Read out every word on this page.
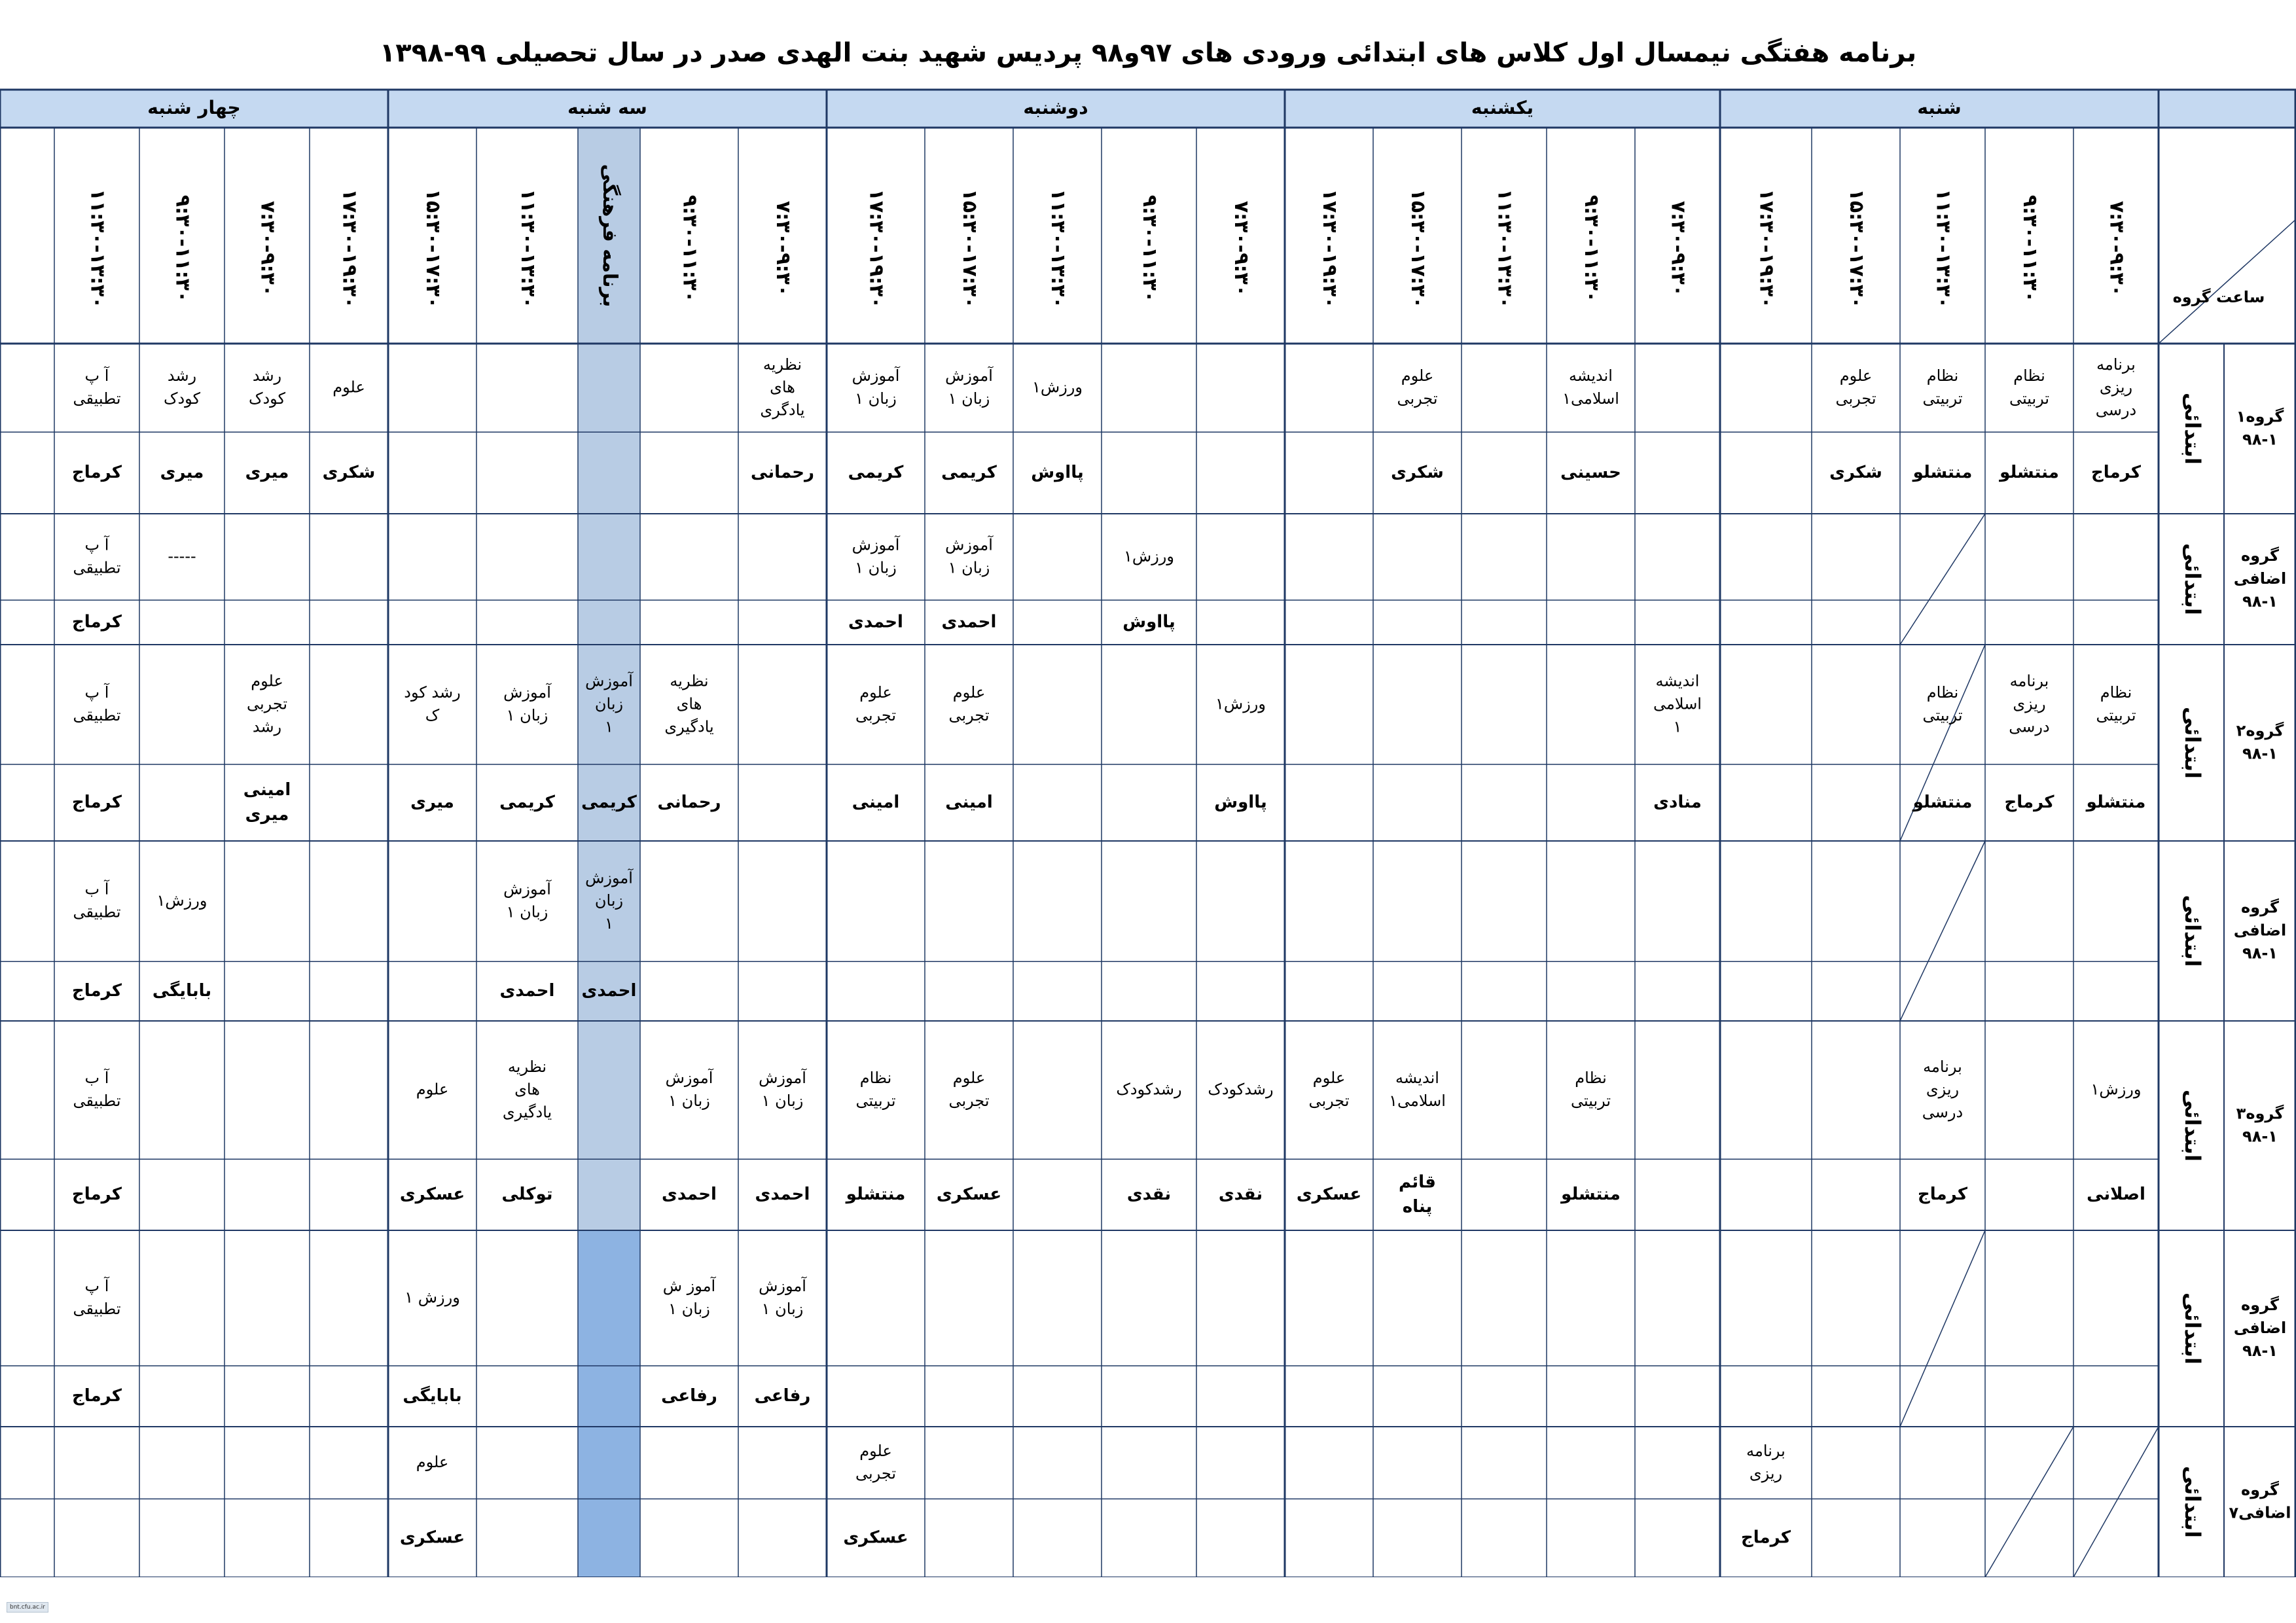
برنامه هفتگی نیمسال اول کلاس های ابتدائی ورودی های ۹۷و۹۸ پردیس شهید بنت الهدی صدر در سال تحصیلی ۹۹-۱۳۹۸
شنبه
یکشنبه
دوشنبه
سه شنبه
چهار شنبه
ساعت گروه
۷:۳۰-۹:۳۰
۹:۳۰-۱۱:۳۰
۱۱:۳۰-۱۳:۳۰
۱۵:۳۰-۱۷:۳۰
۱۷:۳۰-۱۹:۳۰
۷:۳۰-۹:۳۰
۹:۳۰-۱۱:۳۰
۱۱:۳۰-۱۳:۳۰
۱۵:۳۰-۱۷:۳۰
۱۷:۳۰-۱۹:۳۰
۷:۳۰-۹:۳۰
۹:۳۰-۱۱:۳۰
۱۱:۳۰-۱۳:۳۰
۱۵:۳۰-۱۷:۳۰
۱۷:۳۰-۱۹:۳۰
۷:۳۰-۹:۳۰
۹:۳۰-۱۱:۳۰
برنامه فرهنگی
۱۱:۳۰-۱۳:۳۰
۱۵:۳۰-۱۷:۳۰
۱۷:۳۰-۱۹:۳۰
۷:۳۰-۹:۳۰
۹:۳۰-۱۱:۳۰
۱۱:۳۰-۱۳:۳۰
گروه۱
۹۸-۱
ابتدائی
گروه
اضافی
۹۸-۱
ابتدائی
گروه۲
۹۸-۱
ابتدائی
گروه
اضافی
۹۸-۱
ابتدائی
گروه۳
۹۸-۱
ابتدائی
گروه
اضافی
۹۸-۱
ابتدائی
گروه
اضافی۷
ابتدائی
برنامه
ریزی
درسی
کرماج
نظام
تربیتی
منتشلو
نظام
تربیتی
منتشلو
علوم
تجربی
شکری
اندیشه
اسلامی۱
حسینی
علوم
تجربی
شکری
ورزش۱
پااوش
آموزش
زبان ۱
کریمی
آموزش
زبان ۱
کریمی
نظریه
های
یادگری
رحمانی
علوم
شکری
رشد
کودک
میری
رشد
کودک
میری
آ پ
تطبیقی
کرماج
ورزش۱
پااوش
آموزش
زبان ۱
احمدی
آموزش
زبان ۱
احمدی
-----
آ پ
تطبیقی
کرماج
نظام
تربیتی
منتشلو
برنامه
ریزی
درسی
کرماج
نظام
تربیتی
منتشلو
اندیشه
اسلامی
۱
منادی
ورزش۱
پااوش
علوم
تجربی
امینی
علوم
تجربی
امینی
نظریه
های
یادگیری
رحمانی
آموزش
زبان
۱
کریمی
آموزش
زبان ۱
کریمی
رشد کود
ک
میری
علوم
تجربی
رشد
امینی
میری
آ پ
تطبیقی
کرماج
آموزش
زبان
۱
احمدی
آموزش
زبان ۱
احمدی
ورزش۱
بابایگی
آ ب
تطبیقی
کرماج
ورزش۱
اصلانی
برنامه
ریزی
درسی
کرماج
نظام
تربیتی
منتشلو
اندیشه
اسلامی۱
قائم
پناه
علوم
تجربی
عسکری
رشدکودک
نقدی
رشدکودک
نقدی
علوم
تجربی
عسکری
نظام
تربیتی
منتشلو
آموزش
زبان ۱
احمدی
آموزش
زبان ۱
احمدی
نظریه
های
یادگیری
توکلی
علوم
عسکری
آ ب
تطبیقی
کرماج
آموزش
زبان ۱
رفاعی
آموز ش
زبان ۱
رفاعی
ورزش ۱
بابایگی
آ پ
تطبیقی
کرماج
برنامه
ریزی
کرماج
علوم
تجربی
عسکری
علوم
عسکری
bnt.cfu.ac.ir
